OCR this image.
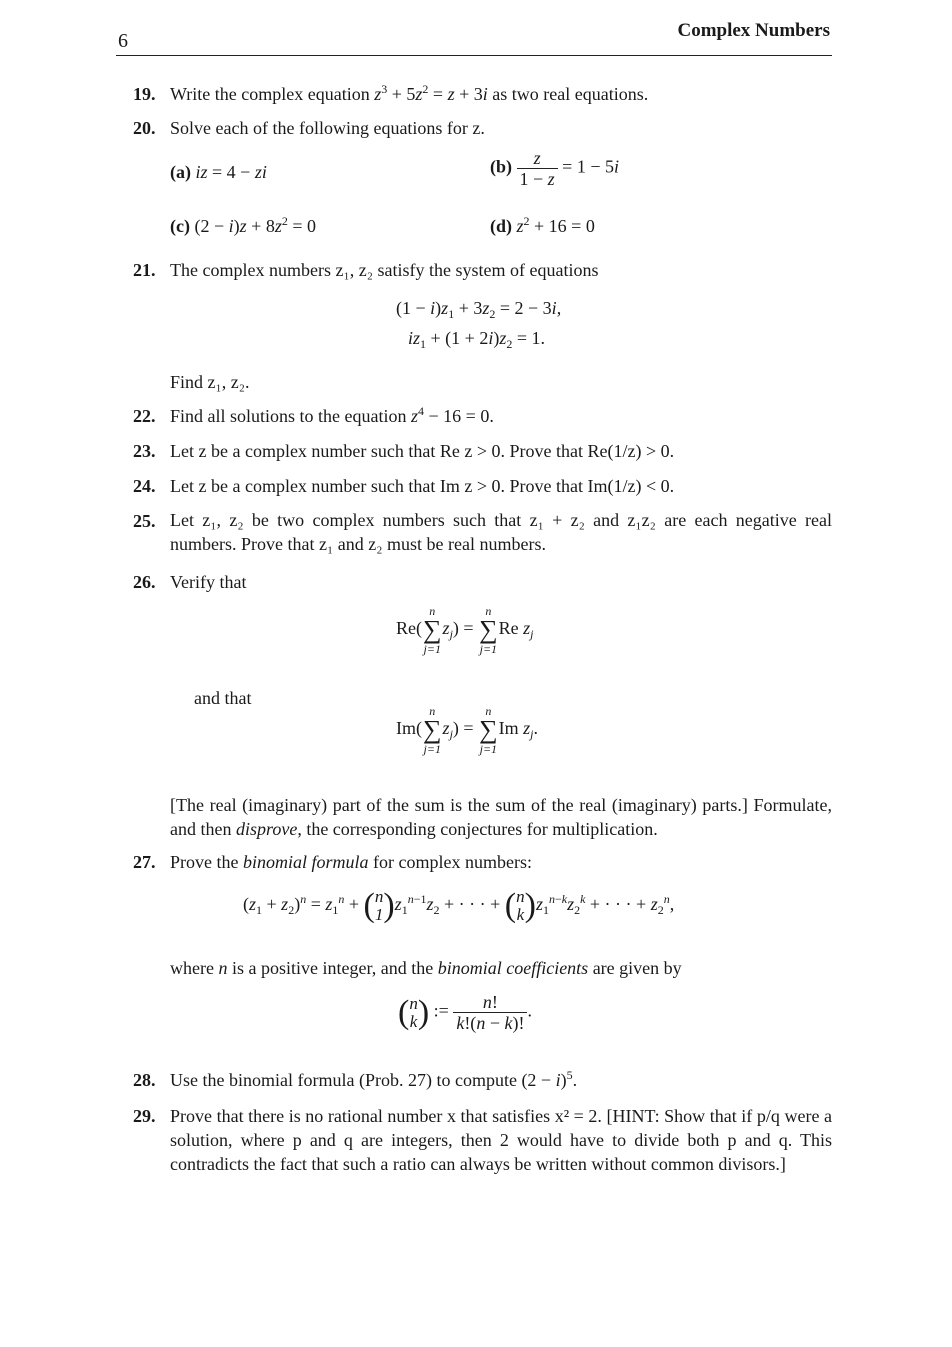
6	Complex Numbers
19. Write the complex equation $z^3 + 5z^2 = z + 3i$ as two real equations.
20. Solve each of the following equations for z.
(a) iz = 4 − zi	$(b) \frac{z}{1 - z} = 1 - 5i$
(c) $(2 - i)z + 8z^2 = 0$	(d) $z^2 + 16 = 0$
21. The complex numbers z₁, z₂ satisfy the system of equations
$(1 - i)z_1 + 3z_2 = 2 - 3i$,
$iz_1 + (1 + 2i)z_2 = 1$.
Find z₁, z₂.
22. Find all solutions to the equation $z^4 - 16 = 0$.
23. Let z be a complex number such that Re z > 0. Prove that Re(1/z) > 0.
24. Let z be a complex number such that Im z > 0. Prove that Im(1/z) < 0.
25. Let z₁, z₂ be two complex numbers such that z₁ + z₂ and z₁z₂ are each negative real numbers. Prove that z₁ and z₂ must be real numbers.
26. Verify that
Re(
n
∑
j=1
$z_j$) =
n
∑
j=1
Re $z_j$
and that
Im(
n
∑
j=1
$z_j$) =
n
∑
j=1
Im $z_j$.
[The real (imaginary) part of the sum is the sum of the real (imaginary) parts.] Formulate, and then disprove, the corresponding conjectures for multiplication.
27. Prove the binomial formula for complex numbers:
$(z_1 + z_2)^n = z_1^n$ + ( n
1 )$z_1^{n-1}z_2$ + · · · + ( n
k )$z_1^{n-k}z_2^k$ + · · · + $z_2^n$,
where n is a positive integer, and the binomial coefficients are given by
( n
k ) := $\frac{n!}{k!(n - k)!}$ .
28. Use the binomial formula (Prob. 27) to compute $(2 - i)^5$.
29. Prove that there is no rational number x that satisfies x² = 2. [HINT: Show that if p/q were a solution, where p and q are integers, then 2 would have to divide both p and q. This contradicts the fact that such a ratio can always be written without common divisors.]
